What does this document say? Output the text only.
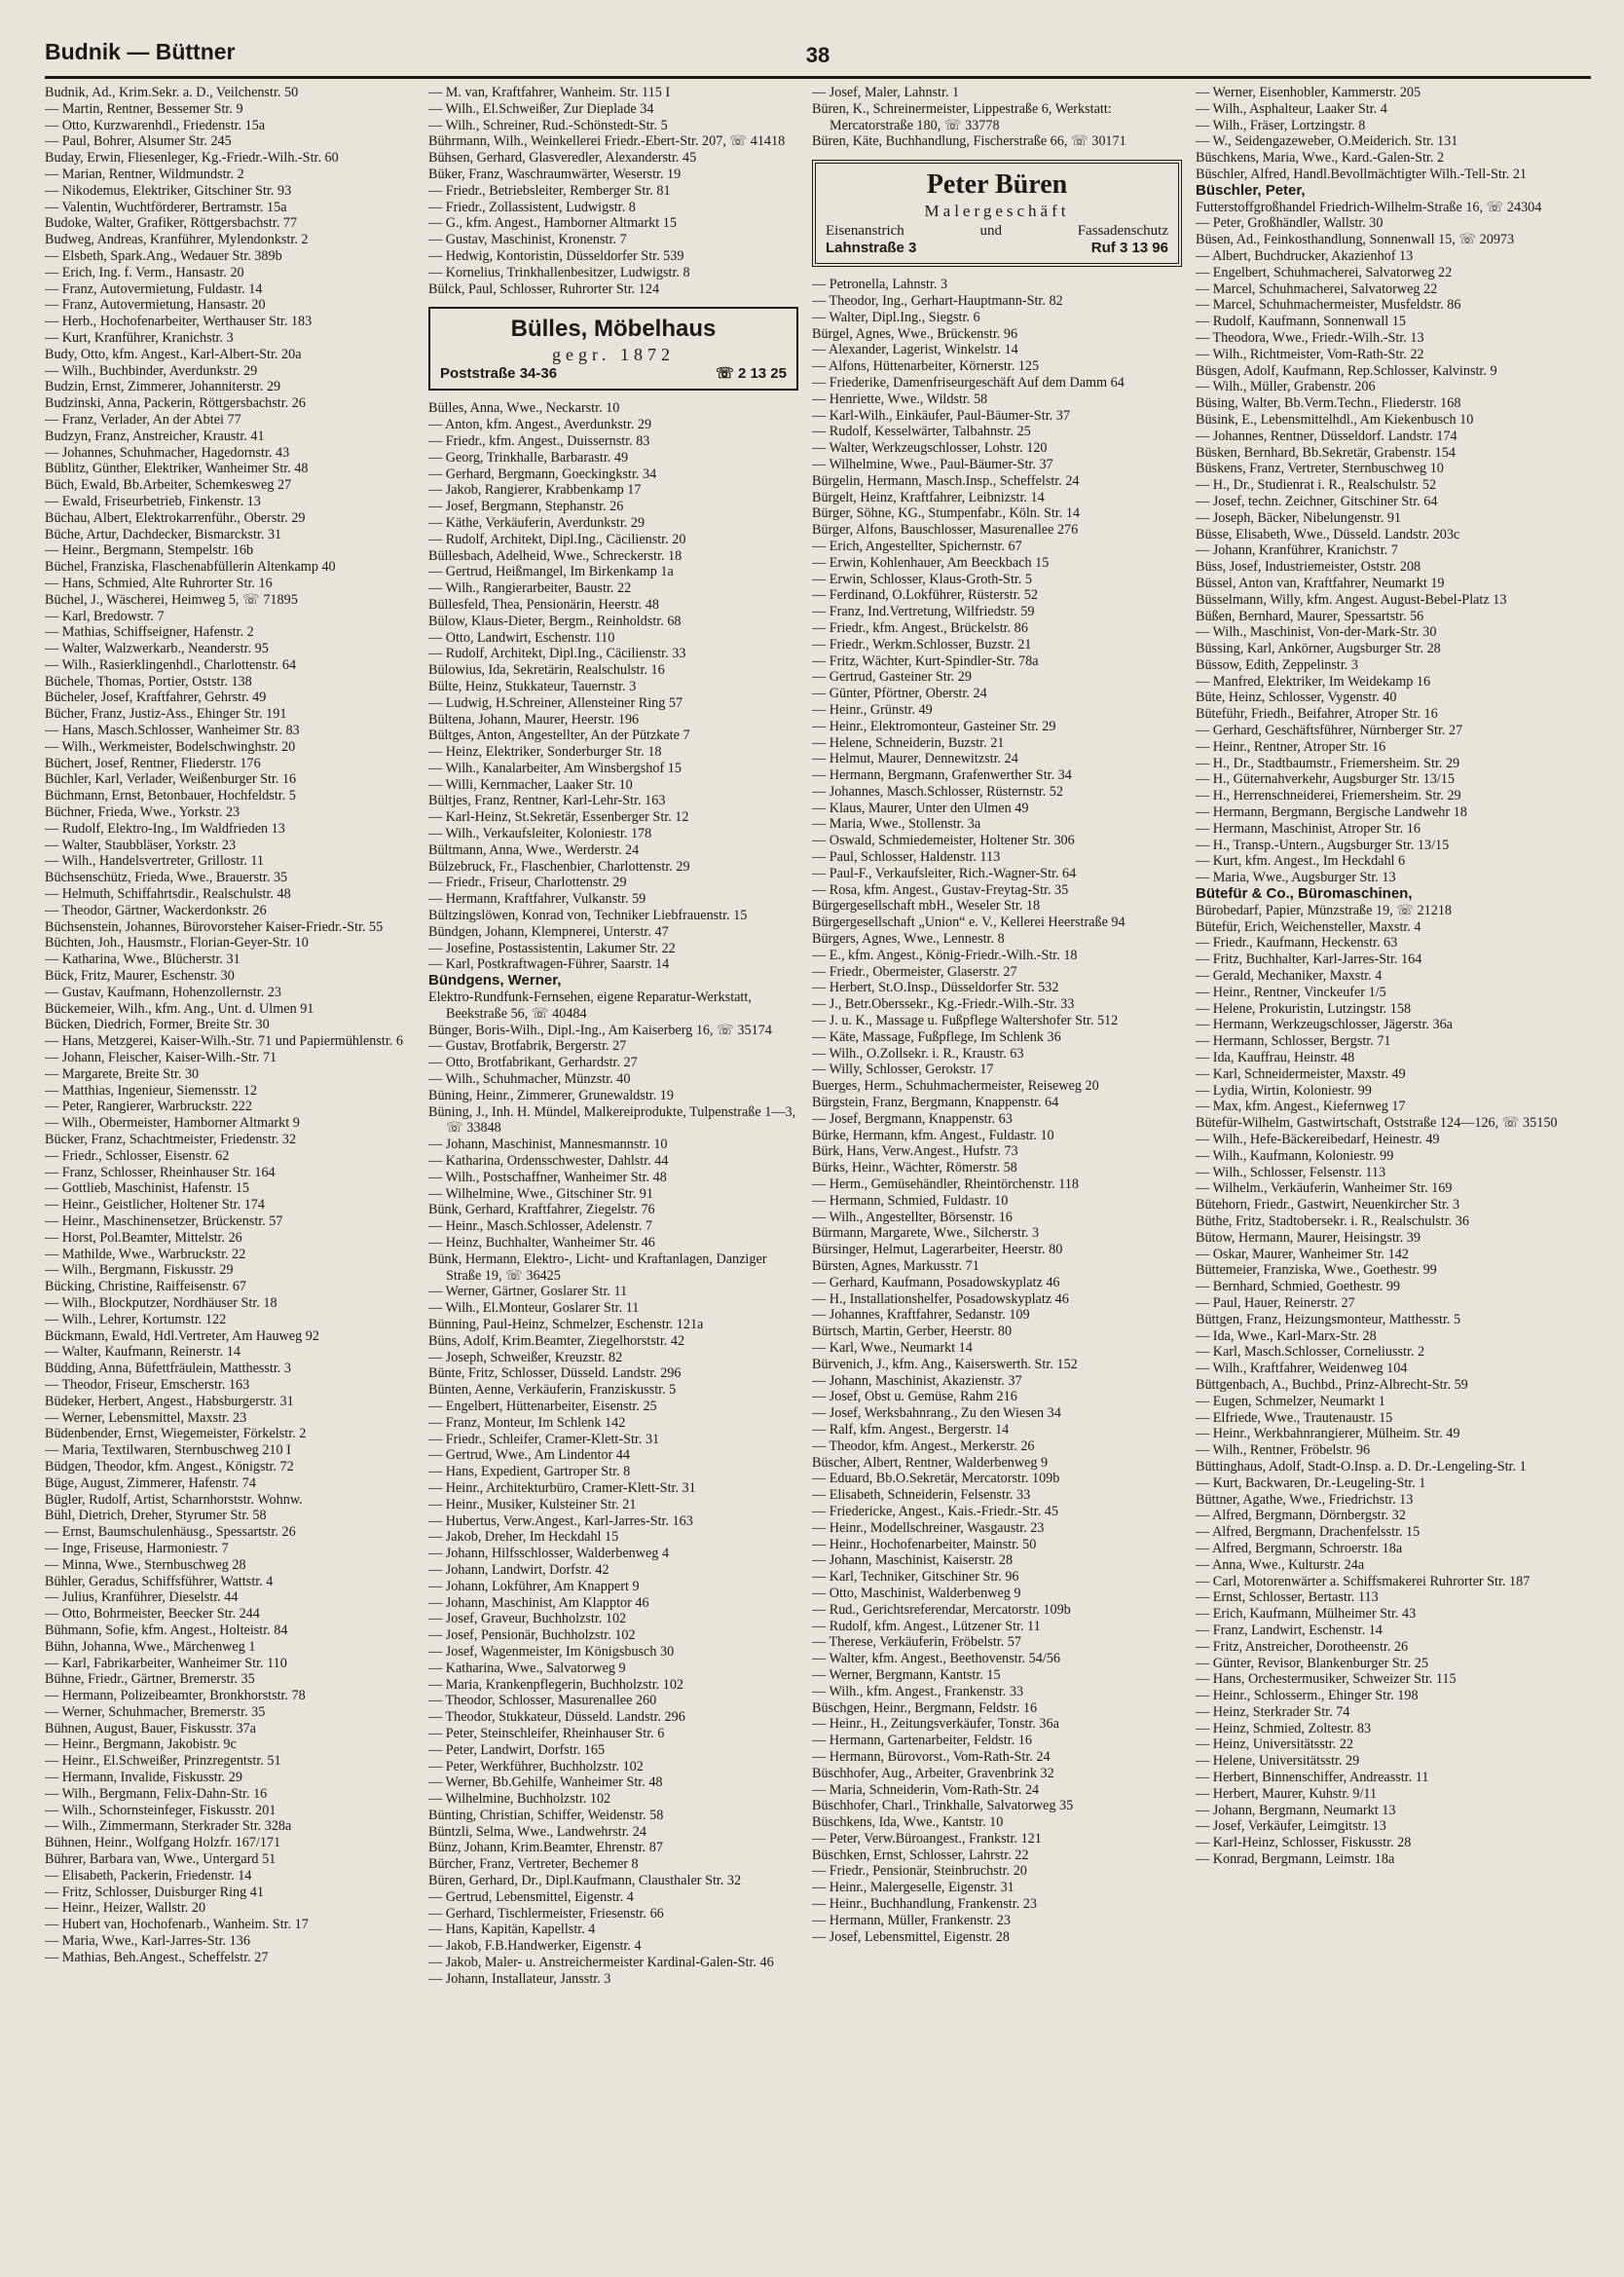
Budnik — Büttner	38
Budnik, Ad., Krim.Sekr. a. D., Veilchenstr. 50
— Martin, Rentner, Bessemer Str. 9
— Otto, Kurzwarenhdl., Friedenstr. 15a
— Paul, Bohrer, Alsumer Str. 245
Buday, Erwin, Fliesenleger, Kg.-Friedr.-Wilh.-Str. 60
— Marian, Rentner, Wildmundstr. 2
— Nikodemus, Elektriker, Gitschiner Str. 93
— Valentin, Wuchtförderer, Bertramstr. 15a
Budoke, Walter, Grafiker, Röttgersbachstr. 77
Budweg, Andreas, Kranführer, Mylendonkstr. 2
— Elsbeth, Spark.Ang., Wedauer Str. 389b
— Erich, Ing. f. Verm., Hansastr. 20
— Franz, Autovermietung, Fuldastr. 14
— Franz, Autovermietung, Hansastr. 20
— Herb., Hochofenarbeiter, Werthauser Str. 183
— Kurt, Kranführer, Kranichstr. 3
Budy, Otto, kfm. Angest., Karl-Albert-Str. 20a
— Wilh., Buchbinder, Averdunkstr. 29
Budzin, Ernst, Zimmerer, Johanniterstr. 29
Budzinski, Anna, Packerin, Röttgersbachstr. 26
— Franz, Verlader, An der Abtei 77
Budzyn, Franz, Anstreicher, Kraustr. 41
— Johannes, Schuhmacher, Hagedornstr. 43
Büblitz, Günther, Elektriker, Wanheimer Str. 48
Büch, Ewald, Bb.Arbeiter, Schemkesweg 27
— Ewald, Friseurbetrieb, Finkenstr. 13
Büchau, Albert, Elektrokarrenführ., Oberstr. 29
Büche, Artur, Dachdecker, Bismarckstr. 31
— Heinr., Bergmann, Stempelstr. 16b
Büchel, Franziska, Flaschenabfüllerin Altenkamp 40
— Hans, Schmied, Alte Ruhrorter Str. 16
Büchel, J., Wäscherei, Heimweg 5, ☏ 71895
— Karl, Bredowstr. 7
— Mathias, Schiffseigner, Hafenstr. 2
— Walter, Walzwerkarb., Neanderstr. 95
— Wilh., Rasierklingenhdl., Charlottenstr. 64
Büchele, Thomas, Portier, Oststr. 138
Bücheler, Josef, Kraftfahrer, Gehrstr. 49
Bücher, Franz, Justiz-Ass., Ehinger Str. 191
— Hans, Masch.Schlosser, Wanheimer Str. 83
— Wilh., Werkmeister, Bodelschwinghstr. 20
Büchert, Josef, Rentner, Fliederstr. 176
Büchler, Karl, Verlader, Weißenburger Str. 16
Büchmann, Ernst, Betonbauer, Hochfeldstr. 5
Büchner, Frieda, Wwe., Yorkstr. 23
— Rudolf, Elektro-Ing., Im Waldfrieden 13
— Walter, Staubbläser, Yorkstr. 23
— Wilh., Handelsvertreter, Grillostr. 11
Büchsenschütz, Frieda, Wwe., Brauerstr. 35
— Helmuth, Schiffahrtsdir., Realschulstr. 48
— Theodor, Gärtner, Wackerdonkstr. 26
Büchsenstein, Johannes, Bürovorsteher Kaiser-Friedr.-Str. 55
Büchten, Joh., Hausmstr., Florian-Geyer-Str. 10
— Katharina, Wwe., Blücherstr. 31
Bück, Fritz, Maurer, Eschenstr. 30
— Gustav, Kaufmann, Hohenzollernstr. 23
Bückemeier, Wilh., kfm. Ang., Unt. d. Ulmen 91
Bücken, Diedrich, Former, Breite Str. 30
— Hans, Metzgerei, Kaiser-Wilh.-Str. 71 und Papiermühlenstr. 6
— Johann, Fleischer, Kaiser-Wilh.-Str. 71
— Margarete, Breite Str. 30
— Matthias, Ingenieur, Siemensstr. 12
— Peter, Rangierer, Warbruckstr. 222
— Wilh., Obermeister, Hamborner Altmarkt 9
Bücker, Franz, Schachtmeister, Friedenstr. 32
— Friedr., Schlosser, Eisenstr. 62
— Franz, Schlosser, Rheinhauser Str. 164
— Gottlieb, Maschinist, Hafenstr. 15
— Heinr., Geistlicher, Holtener Str. 174
— Heinr., Maschinensetzer, Brückenstr. 57
— Horst, Pol.Beamter, Mittelstr. 26
— Mathilde, Wwe., Warbruckstr. 22
— Wilh., Bergmann, Fiskusstr. 29
Bücking, Christine, Raiffeisenstr. 67
— Wilh., Blockputzer, Nordhäuser Str. 18
— Wilh., Lehrer, Kortumstr. 122
Bückmann, Ewald, Hdl.Vertreter, Am Hauweg 92
— Walter, Kaufmann, Reinerstr. 14
Büdding, Anna, Büfettfräulein, Matthesstr. 3
— Theodor, Friseur, Emscherstr. 163
Büdeker, Herbert, Angest., Habsburgerstr. 31
— Werner, Lebensmittel, Maxstr. 23
Büdenbender, Ernst, Wiegemeister, Förkelstr. 2
— Maria, Textilwaren, Sternbuschweg 210 I
Büdgen, Theodor, kfm. Angest., Königstr. 72
Büge, August, Zimmerer, Hafenstr. 74
Bügler, Rudolf, Artist, Scharnhorststr. Wohnw.
Bühl, Dietrich, Dreher, Styrumer Str. 58
— Ernst, Baumschulenhäusg., Spessartstr. 26
— Inge, Friseuse, Harmoniestr. 7
— Minna, Wwe., Sternbuschweg 28
Bühler, Geradus, Schiffsführer, Wattstr. 4
— Julius, Kranführer, Dieselstr. 44
— Otto, Bohrmeister, Beecker Str. 244
Bühmann, Sofie, kfm. Angest., Holteistr. 84
Bühn, Johanna, Wwe., Märchenweg 1
— Karl, Fabrikarbeiter, Wanheimer Str. 110
Bühne, Friedr., Gärtner, Bremerstr. 35
— Hermann, Polizeibeamter, Bronkhorststr. 78
— Werner, Schuhmacher, Bremerstr. 35
Bühnen, August, Bauer, Fiskusstr. 37a
— Heinr., Bergmann, Jakobistr. 9c
— Heinr., El.Schweißer, Prinzregentstr. 51
— Hermann, Invalide, Fiskusstr. 29
— Wilh., Bergmann, Felix-Dahn-Str. 16
— Wilh., Schornsteinfeger, Fiskusstr. 201
— Wilh., Zimmermann, Sterkrader Str. 328a
Bühnen, Heinr., Wolfgang Holzfr. 167/171
Bührer, Barbara van, Wwe., Untergard 51
— Elisabeth, Packerin, Friedenstr. 14
— Fritz, Schlosser, Duisburger Ring 41
— Heinr., Heizer, Wallstr. 20
— Hubert van, Hochofenarb., Wanheim. Str. 17
— Maria, Wwe., Karl-Jarres-Str. 136
— Mathias, Beh.Angest., Scheffelstr. 27
— M. van, Kraftfahrer, Wanheim. Str. 115 I
— Wilh., El.Schweißer, Zur Dieplade 34
— Wilh., Schreiner, Rud.-Schönstedt-Str. 5
Bührmann, Wilh., Weinkellerei Friedr.-Ebert-Str. 207, ☏ 41418
Bühsen, Gerhard, Glasveredler, Alexanderstr. 45
Büker, Franz, Waschraumwärter, Weserstr. 19
— Friedr., Betriebsleiter, Remberger Str. 81
— Friedr., Zollassistent, Ludwigstr. 8
— G., kfm. Angest., Hamborner Altmarkt 15
— Gustav, Maschinist, Kronenstr. 7
— Hedwig, Kontoristin, Düsseldorfer Str. 539
— Kornelius, Trinkhallenbesitzer, Ludwigstr. 8
Bülck, Paul, Schlosser, Ruhrorter Str. 124
Bülles, Möbelhaus
gegr. 1872
Poststraße 34-36	☏ 2 13 25
Bülles, Anna, Wwe., Neckarstr. 10
— Anton, kfm. Angest., Averdunkstr. 29
— Friedr., kfm. Angest., Duissernstr. 83
— Georg, Trinkhalle, Barbarastr. 49
— Gerhard, Bergmann, Goeckingkstr. 34
— Jakob, Rangierer, Krabbenkamp 17
— Josef, Bergmann, Stephanstr. 26
— Käthe, Verkäuferin, Averdunkstr. 29
— Rudolf, Architekt, Dipl.Ing., Cäcilienstr. 20
Büllesbach, Adelheid, Wwe., Schreckerstr. 18
— Gertrud, Heißmangel, Im Birkenkamp 1a
— Wilh., Rangierarbeiter, Baustr. 22
Büllesfeld, Thea, Pensionärin, Heerstr. 48
Bülow, Klaus-Dieter, Bergm., Reinholdstr. 68
— Otto, Landwirt, Eschenstr. 110
— Rudolf, Architekt, Dipl.Ing., Cäcilienstr. 33
Bülowius, Ida, Sekretärin, Realschulstr. 16
Bülte, Heinz, Stukkateur, Tauernstr. 3
— Ludwig, H.Schreiner, Allensteiner Ring 57
Bültena, Johann, Maurer, Heerstr. 196
Bültges, Anton, Angestellter, An der Pützkate 7
— Heinz, Elektriker, Sonderburger Str. 18
— Wilh., Kanalarbeiter, Am Winsbergshof 15
— Willi, Kernmacher, Laaker Str. 10
Bültjes, Franz, Rentner, Karl-Lehr-Str. 163
— Karl-Heinz, St.Sekretär, Essenberger Str. 12
— Wilh., Verkaufsleiter, Koloniestr. 178
Bültmann, Anna, Wwe., Werderstr. 24
Bülzebruck, Fr., Flaschenbier, Charlottenstr. 29
— Friedr., Friseur, Charlottenstr. 29
— Hermann, Kraftfahrer, Vulkanstr. 59
Bültzingslöwen, Konrad von, Techniker Liebfrauenstr. 15
Bündgen, Johann, Klempnerei, Unterstr. 47
— Josefine, Postassistentin, Lakumer Str. 22
— Karl, Postkraftwagen-Führer, Saarstr. 14
Bündgens, Werner,
Elektro-Rundfunk-Fernsehen, eigene Reparatur-Werkstatt, Beekstraße 56, ☏ 40484
Bünger, Boris-Wilh., Dipl.-Ing., Am Kaiserberg 16, ☏ 35174
— Gustav, Brotfabrik, Bergerstr. 27
— Otto, Brotfabrikant, Gerhardstr. 27
— Wilh., Schuhmacher, Münzstr. 40
Büning, Heinr., Zimmerer, Grunewaldstr. 19
Büning, J., Inh. H. Mündel, Malkereiprodukte, Tulpenstraße 1—3, ☏ 33848
— Johann, Maschinist, Mannesmannstr. 10
— Katharina, Ordensschwester, Dahlstr. 44
— Wilh., Postschaffner, Wanheimer Str. 48
— Wilhelmine, Wwe., Gitschiner Str. 91
Bünk, Gerhard, Kraftfahrer, Ziegelstr. 76
— Heinr., Masch.Schlosser, Adelenstr. 7
— Heinz, Buchhalter, Wanheimer Str. 46
Bünk, Hermann, Elektro-, Licht- und Kraftanlagen, Danziger Straße 19, ☏ 36425
— Werner, Gärtner, Goslarer Str. 11
— Wilh., El.Monteur, Goslarer Str. 11
Bünning, Paul-Heinz, Schmelzer, Eschenstr. 121a
Büns, Adolf, Krim.Beamter, Ziegelhorststr. 42
— Joseph, Schweißer, Kreuzstr. 82
Bünte, Fritz, Schlosser, Düsseld. Landstr. 296
Bünten, Aenne, Verkäuferin, Franziskusstr. 5
— Engelbert, Hüttenarbeiter, Eisenstr. 25
— Franz, Monteur, Im Schlenk 142
— Friedr., Schleifer, Cramer-Klett-Str. 31
— Gertrud, Wwe., Am Lindentor 44
— Hans, Expedient, Gartroper Str. 8
— Heinr., Architekturbüro, Cramer-Klett-Str. 31
— Heinr., Musiker, Kulsteiner Str. 21
— Hubertus, Verw.Angest., Karl-Jarres-Str. 163
— Jakob, Dreher, Im Heckdahl 15
— Johann, Hilfsschlosser, Walderbenweg 4
— Johann, Landwirt, Dorfstr. 42
— Johann, Lokführer, Am Knappert 9
— Johann, Maschinist, Am Klapptor 46
— Josef, Graveur, Buchholzstr. 102
— Josef, Pensionär, Buchholzstr. 102
— Josef, Wagenmeister, Im Königsbusch 30
— Katharina, Wwe., Salvatorweg 9
— Maria, Krankenpflegerin, Buchholzstr. 102
— Theodor, Schlosser, Masurenallee 260
— Theodor, Stukkateur, Düsseld. Landstr. 296
— Peter, Steinschleifer, Rheinhauser Str. 6
— Peter, Landwirt, Dorfstr. 165
— Peter, Werkführer, Buchholzstr. 102
— Werner, Bb.Gehilfe, Wanheimer Str. 48
— Wilhelmine, Buchholzstr. 102
Bünting, Christian, Schiffer, Weidenstr. 58
Büntzli, Selma, Wwe., Landwehrstr. 24
Bünz, Johann, Krim.Beamter, Ehrenstr. 87
Bürcher, Franz, Vertreter, Bechemer 8
Büren, Gerhard, Dr., Dipl.Kaufmann, Clausthaler Str. 32
— Gertrud, Lebensmittel, Eigenstr. 4
— Gerhard, Tischlermeister, Friesenstr. 66
— Hans, Kapitän, Kapellstr. 4
— Jakob, F.B.Handwerker, Eigenstr. 4
— Jakob, Maler- u. Anstreichermeister Kardinal-Galen-Str. 46
— Johann, Installateur, Jansstr. 3
— Josef, Maler, Lahnstr. 1
Büren, K., Schreinermeister, Lippestraße 6, Werkstatt: Mercatorstraße 180, ☏ 33778
Büren, Käte, Buchhandlung, Fischerstraße 66, ☏ 30171
Peter Büren
Malergeschäft
Eisenanstrich	und	Fassadenschutz
Lahnstraße 3	Ruf 3 13 96
— Petronella, Lahnstr. 3
— Theodor, Ing., Gerhart-Hauptmann-Str. 82
— Walter, Dipl.Ing., Siegstr. 6
Bürgel, Agnes, Wwe., Brückenstr. 96
— Alexander, Lagerist, Winkelstr. 14
— Alfons, Hüttenarbeiter, Körnerstr. 125
— Friederike, Damenfriseurgeschäft Auf dem Damm 64
— Henriette, Wwe., Wildstr. 58
— Karl-Wilh., Einkäufer, Paul-Bäumer-Str. 37
— Rudolf, Kesselwärter, Talbahnstr. 25
— Walter, Werkzeugschlosser, Lohstr. 120
— Wilhelmine, Wwe., Paul-Bäumer-Str. 37
Bürgelin, Hermann, Masch.Insp., Scheffelstr. 24
Bürgelt, Heinz, Kraftfahrer, Leibnizstr. 14
Bürger, Söhne, KG., Stumpenfabr., Köln. Str. 14
Bürger, Alfons, Bauschlosser, Masurenallee 276
— Erich, Angestellter, Spichernstr. 67
— Erwin, Kohlenhauer, Am Beeckbach 15
— Erwin, Schlosser, Klaus-Groth-Str. 5
— Ferdinand, O.Lokführer, Rüsterstr. 52
— Franz, Ind.Vertretung, Wilfriedstr. 59
— Friedr., kfm. Angest., Brückelstr. 86
— Friedr., Werkm.Schlosser, Buzstr. 21
— Fritz, Wächter, Kurt-Spindler-Str. 78a
— Gertrud, Gasteiner Str. 29
— Günter, Pförtner, Oberstr. 24
— Heinr., Grünstr. 49
— Heinr., Elektromonteur, Gasteiner Str. 29
— Helene, Schneiderin, Buzstr. 21
— Helmut, Maurer, Dennewitzstr. 24
— Hermann, Bergmann, Grafenwerther Str. 34
— Johannes, Masch.Schlosser, Rüsternstr. 52
— Klaus, Maurer, Unter den Ulmen 49
— Maria, Wwe., Stollenstr. 3a
— Oswald, Schmiedemeister, Holtener Str. 306
— Paul, Schlosser, Haldenstr. 113
— Paul-F., Verkaufsleiter, Rich.-Wagner-Str. 64
— Rosa, kfm. Angest., Gustav-Freytag-Str. 35
Bürgergesellschaft mbH., Weseler Str. 18
Bürgergesellschaft „Union“ e. V., Kellerei Heerstraße 94
Bürgers, Agnes, Wwe., Lennestr. 8
— E., kfm. Angest., König-Friedr.-Wilh.-Str. 18
— Friedr., Obermeister, Glaserstr. 27
— Herbert, St.O.Insp., Düsseldorfer Str. 532
— J., Betr.Oberssekr., Kg.-Friedr.-Wilh.-Str. 33
— J. u. K., Massage u. Fußpflege Waltershofer Str. 512
— Käte, Massage, Fußpflege, Im Schlenk 36
— Wilh., O.Zollsekr. i. R., Kraustr. 63
— Willy, Schlosser, Gerokstr. 17
Buerges, Herm., Schuhmachermeister, Reiseweg 20
Bürgstein, Franz, Bergmann, Knappenstr. 64
— Josef, Bergmann, Knappenstr. 63
Bürke, Hermann, kfm. Angest., Fuldastr. 10
Bürk, Hans, Verw.Angest., Hufstr. 73
Bürks, Heinr., Wächter, Römerstr. 58
— Herm., Gemüsehändler, Rheintörchenstr. 118
— Hermann, Schmied, Fuldastr. 10
— Wilh., Angestellter, Börsenstr. 16
Bürmann, Margarete, Wwe., Silcherstr. 3
Bürsinger, Helmut, Lagerarbeiter, Heerstr. 80
Bürsten, Agnes, Markusstr. 71
— Gerhard, Kaufmann, Posadowskyplatz 46
— H., Installationshelfer, Posadowskyplatz 46
— Johannes, Kraftfahrer, Sedanstr. 109
Bürtsch, Martin, Gerber, Heerstr. 80
— Karl, Wwe., Neumarkt 14
Bürvenich, J., kfm. Ang., Kaiserswerth. Str. 152
— Johann, Maschinist, Akazienstr. 37
— Josef, Obst u. Gemüse, Rahm 216
— Josef, Werksbahnrang., Zu den Wiesen 34
— Ralf, kfm. Angest., Bergerstr. 14
— Theodor, kfm. Angest., Merkerstr. 26
Büscher, Albert, Rentner, Walderbenweg 9
— Eduard, Bb.O.Sekretär, Mercatorstr. 109b
— Elisabeth, Schneiderin, Felsenstr. 33
— Friedericke, Angest., Kais.-Friedr.-Str. 45
— Heinr., Modellschreiner, Wasgaustr. 23
— Heinr., Hochofenarbeiter, Mainstr. 50
— Johann, Maschinist, Kaiserstr. 28
— Karl, Techniker, Gitschiner Str. 96
— Otto, Maschinist, Walderbenweg 9
— Rud., Gerichtsreferendar, Mercatorstr. 109b
— Rudolf, kfm. Angest., Lützener Str. 11
— Therese, Verkäuferin, Fröbelstr. 57
— Walter, kfm. Angest., Beethovenstr. 54/56
— Werner, Bergmann, Kantstr. 15
— Wilh., kfm. Angest., Frankenstr. 33
Büschgen, Heinr., Bergmann, Feldstr. 16
— Heinr., H., Zeitungsverkäufer, Tonstr. 36a
— Hermann, Gartenarbeiter, Feldstr. 16
— Hermann, Bürovorst., Vom-Rath-Str. 24
Büschhofer, Aug., Arbeiter, Gravenbrink 32
— Maria, Schneiderin, Vom-Rath-Str. 24
Büschhofer, Charl., Trinkhalle, Salvatorweg 35
Büschkens, Ida, Wwe., Kantstr. 10
— Peter, Verw.Büroangest., Frankstr. 121
Büschken, Ernst, Schlosser, Lahrstr. 22
— Friedr., Pensionär, Steinbruchstr. 20
— Heinr., Malergeselle, Eigenstr. 31
— Heinr., Buchhandlung, Frankenstr. 23
— Hermann, Müller, Frankenstr. 23
— Josef, Lebensmittel, Eigenstr. 28
— Werner, Eisenhobler, Kammerstr. 205
— Wilh., Asphalteur, Laaker Str. 4
— Wilh., Fräser, Lortzingstr. 8
— W., Seidengazeweber, O.Meiderich. Str. 131
Büschkens, Maria, Wwe., Kard.-Galen-Str. 2
Büschler, Alfred, Handl.Bevollmächtigter Wilh.-Tell-Str. 21
Büschler, Peter,
Futterstoffgroßhandel Friedrich-Wilhelm-Straße 16, ☏ 24304
— Peter, Großhändler, Wallstr. 30
Büsen, Ad., Feinkosthandlung, Sonnenwall 15, ☏ 20973
— Albert, Buchdrucker, Akazienhof 13
— Engelbert, Schuhmacherei, Salvatorweg 22
— Marcel, Schuhmacherei, Salvatorweg 22
— Marcel, Schuhmachermeister, Musfeldstr. 86
— Rudolf, Kaufmann, Sonnenwall 15
— Theodora, Wwe., Friedr.-Wilh.-Str. 13
— Wilh., Richtmeister, Vom-Rath-Str. 22
Büsgen, Adolf, Kaufmann, Rep.Schlosser, Kalvinstr. 9
— Wilh., Müller, Grabenstr. 206
Büsing, Walter, Bb.Verm.Techn., Fliederstr. 168
Büsink, E., Lebensmittelhdl., Am Kiekenbusch 10
— Johannes, Rentner, Düsseldorf. Landstr. 174
Büsken, Bernhard, Bb.Sekretär, Grabenstr. 154
Büskens, Franz, Vertreter, Sternbuschweg 10
— H., Dr., Studienrat i. R., Realschulstr. 52
— Josef, techn. Zeichner, Gitschiner Str. 64
— Joseph, Bäcker, Nibelungenstr. 91
Büsse, Elisabeth, Wwe., Düsseld. Landstr. 203c
— Johann, Kranführer, Kranichstr. 7
Büss, Josef, Industriemeister, Oststr. 208
Büssel, Anton van, Kraftfahrer, Neumarkt 19
Büsselmann, Willy, kfm. Angest. August-Bebel-Platz 13
Büßen, Bernhard, Maurer, Spessartstr. 56
— Wilh., Maschinist, Von-der-Mark-Str. 30
Büssing, Karl, Ankörner, Augsburger Str. 28
Büssow, Edith, Zeppelinstr. 3
— Manfred, Elektriker, Im Weidekamp 16
Büte, Heinz, Schlosser, Vygenstr. 40
Büteführ, Friedh., Beifahrer, Atroper Str. 16
— Gerhard, Geschäftsführer, Nürnberger Str. 27
— Heinr., Rentner, Atroper Str. 16
— H., Dr., Stadtbaumstr., Friemersheim. Str. 29
— H., Güternahverkehr, Augsburger Str. 13/15
— H., Herrenschneiderei, Friemersheim. Str. 29
— Hermann, Bergmann, Bergische Landwehr 18
— Hermann, Maschinist, Atroper Str. 16
— H., Transp.-Untern., Augsburger Str. 13/15
— Kurt, kfm. Angest., Im Heckdahl 6
— Maria, Wwe., Augsburger Str. 13
Bütefür & Co., Büromaschinen,
Bürobedarf, Papier, Münzstraße 19, ☏ 21218
Bütefür, Erich, Weichensteller, Maxstr. 4
— Friedr., Kaufmann, Heckenstr. 63
— Fritz, Buchhalter, Karl-Jarres-Str. 164
— Gerald, Mechaniker, Maxstr. 4
— Heinr., Rentner, Vinckeufer 1/5
— Helene, Prokuristin, Lutzingstr. 158
— Hermann, Werkzeugschlosser, Jägerstr. 36a
— Hermann, Schlosser, Bergstr. 71
— Ida, Kauffrau, Heinstr. 48
— Karl, Schneidermeister, Maxstr. 49
— Lydia, Wirtin, Koloniestr. 99
— Max, kfm. Angest., Kiefernweg 17
Bütefür-Wilhelm, Gastwirtschaft, Oststraße 124—126, ☏ 35150
— Wilh., Hefe-Bäckereibedarf, Heinestr. 49
— Wilh., Kaufmann, Koloniestr. 99
— Wilh., Schlosser, Felsenstr. 113
— Wilhelm., Verkäuferin, Wanheimer Str. 169
Bütehorn, Friedr., Gastwirt, Neuenkircher Str. 3
Büthe, Fritz, Stadtobersekr. i. R., Realschulstr. 36
Bütow, Hermann, Maurer, Heisingstr. 39
— Oskar, Maurer, Wanheimer Str. 142
Büttemeier, Franziska, Wwe., Goethestr. 99
— Bernhard, Schmied, Goethestr. 99
— Paul, Hauer, Reinerstr. 27
Büttgen, Franz, Heizungsmonteur, Matthesstr. 5
— Ida, Wwe., Karl-Marx-Str. 28
— Karl, Masch.Schlosser, Corneliusstr. 2
— Wilh., Kraftfahrer, Weidenweg 104
Büttgenbach, A., Buchbd., Prinz-Albrecht-Str. 59
— Eugen, Schmelzer, Neumarkt 1
— Elfriede, Wwe., Trautenaustr. 15
— Heinr., Werkbahnrangierer, Mülheim. Str. 49
— Wilh., Rentner, Fröbelstr. 96
Büttinghaus, Adolf, Stadt-O.Insp. a. D. Dr.-Lengeling-Str. 1
— Kurt, Backwaren, Dr.-Leugeling-Str. 1
Büttner, Agathe, Wwe., Friedrichstr. 13
— Alfred, Bergmann, Dörnbergstr. 32
— Alfred, Bergmann, Drachenfelsstr. 15
— Alfred, Bergmann, Schroerstr. 18a
— Anna, Wwe., Kulturstr. 24a
— Carl, Motorenwärter a. Schiffsmakerei Ruhrorter Str. 187
— Ernst, Schlosser, Bertastr. 113
— Erich, Kaufmann, Mülheimer Str. 43
— Franz, Landwirt, Eschenstr. 14
— Fritz, Anstreicher, Dorotheenstr. 26
— Günter, Revisor, Blankenburger Str. 25
— Hans, Orchestermusiker, Schweizer Str. 115
— Heinr., Schlosserm., Ehinger Str. 198
— Heinz, Sterkrader Str. 74
— Heinz, Schmied, Zoltestr. 83
— Heinz, Universitätsstr. 22
— Helene, Universitätsstr. 29
— Herbert, Binnenschiffer, Andreasstr. 11
— Herbert, Maurer, Kuhstr. 9/11
— Johann, Bergmann, Neumarkt 13
— Josef, Verkäufer, Leimgitstr. 13
— Karl-Heinz, Schlosser, Fiskusstr. 28
— Konrad, Bergmann, Leimstr. 18a
